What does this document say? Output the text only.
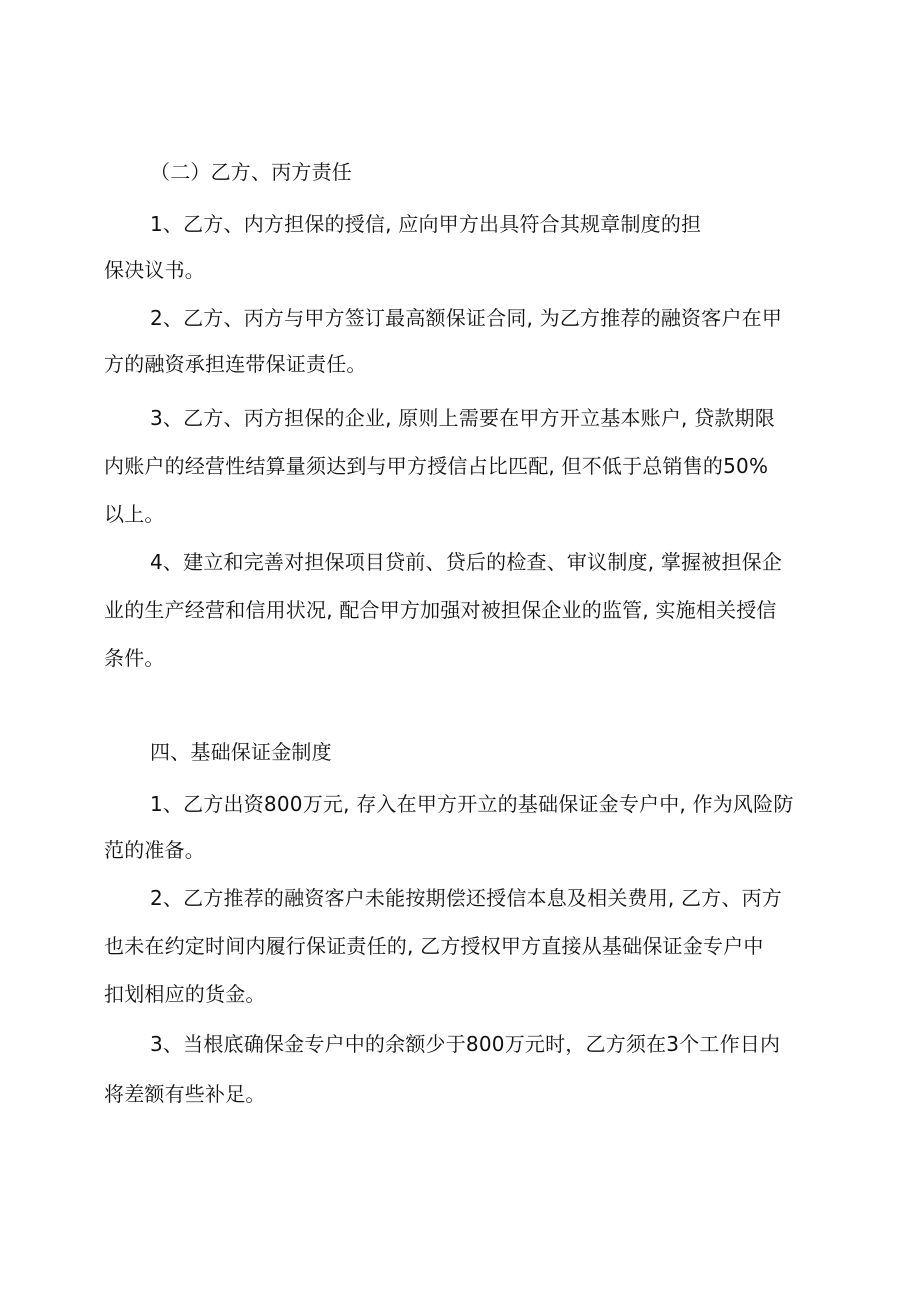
（二）乙方、丙方责任
1、乙方、内方担保的授信, 应向甲方出具符合其规章制度的担
保决议书。
2、乙方、丙方与甲方签订最高额保证合同, 为乙方推荐的融资客户在甲
方的融资承担连带保证责任。
3、乙方、丙方担保的企业, 原则上需要在甲方开立基本账户, 贷款期限
内账户的经营性结算量须达到与甲方授信占比匹配, 但不低于总销售的50%
以上。
4、建立和完善对担保项目贷前、贷后的检查、审议制度, 掌握被担保企
业的生产经营和信用状况, 配合甲方加强对被担保企业的监管, 实施相关授信
条件。
四、基础保证金制度
1、乙方出资800万元, 存入在甲方开立的基础保证金专户中, 作为风险防
范的准备。
2、乙方推荐的融资客户未能按期偿还授信本息及相关费用, 乙方、丙方
也未在约定时间内履行保证责任的, 乙方授权甲方直接从基础保证金专户中
扣划相应的货金。
3、当根底确保金专户中的余额少于800万元时，乙方须在3个工作日内
将差额有些补足。
